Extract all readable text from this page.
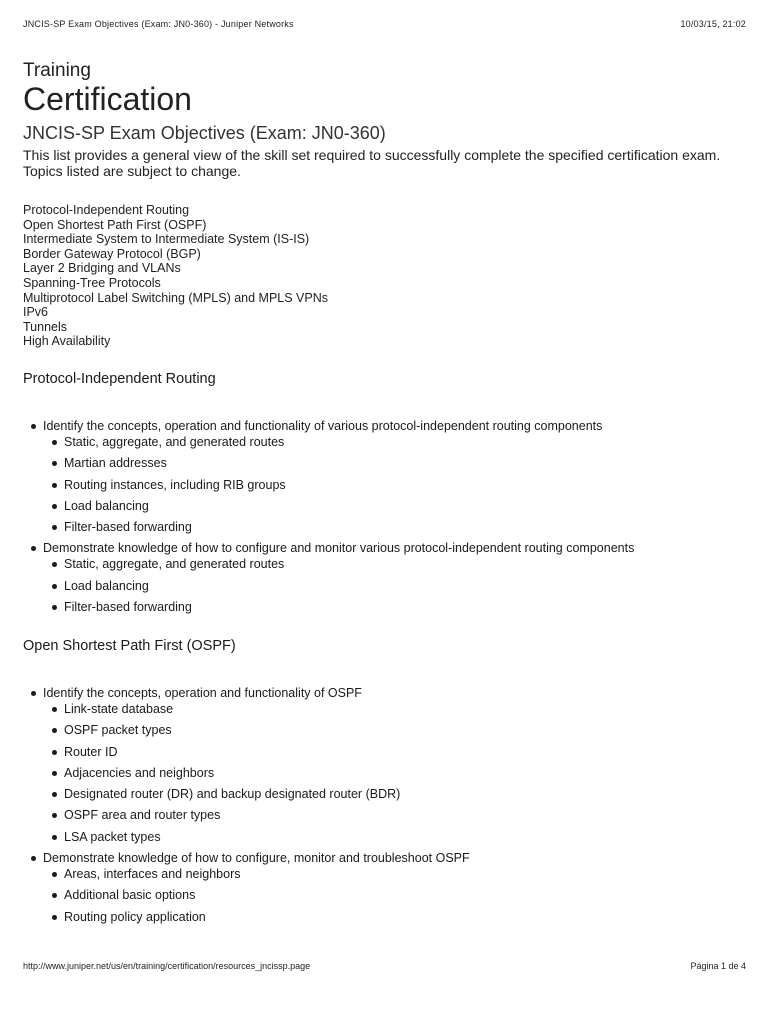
JNCIS-SP Exam Objectives (Exam: JN0-360) - Juniper Networks	10/03/15, 21:02
Training
Certification
JNCIS-SP Exam Objectives (Exam: JN0-360)

This list provides a general view of the skill set required to successfully complete the specified certification exam. Topics listed are subject to change.

Protocol-Independent Routing
Open Shortest Path First (OSPF)
Intermediate System to Intermediate System (IS-IS)
Border Gateway Protocol (BGP)
Layer 2 Bridging and VLANs
Spanning-Tree Protocols
Multiprotocol Label Switching (MPLS) and MPLS VPNs
IPv6
Tunnels
High Availability
Protocol-Independent Routing
Identify the concepts, operation and functionality of various protocol-independent routing components
Static, aggregate, and generated routes
Martian addresses
Routing instances, including RIB groups
Load balancing
Filter-based forwarding
Demonstrate knowledge of how to configure and monitor various protocol-independent routing components
Static, aggregate, and generated routes
Load balancing
Filter-based forwarding
Open Shortest Path First (OSPF)
Identify the concepts, operation and functionality of OSPF
Link-state database
OSPF packet types
Router ID
Adjacencies and neighbors
Designated router (DR) and backup designated router (BDR)
OSPF area and router types
LSA packet types
Demonstrate knowledge of how to configure, monitor and troubleshoot OSPF
Areas, interfaces and neighbors
Additional basic options
Routing policy application
http://www.juniper.net/us/en/training/certification/resources_jncissp.page	Página 1 de 4
